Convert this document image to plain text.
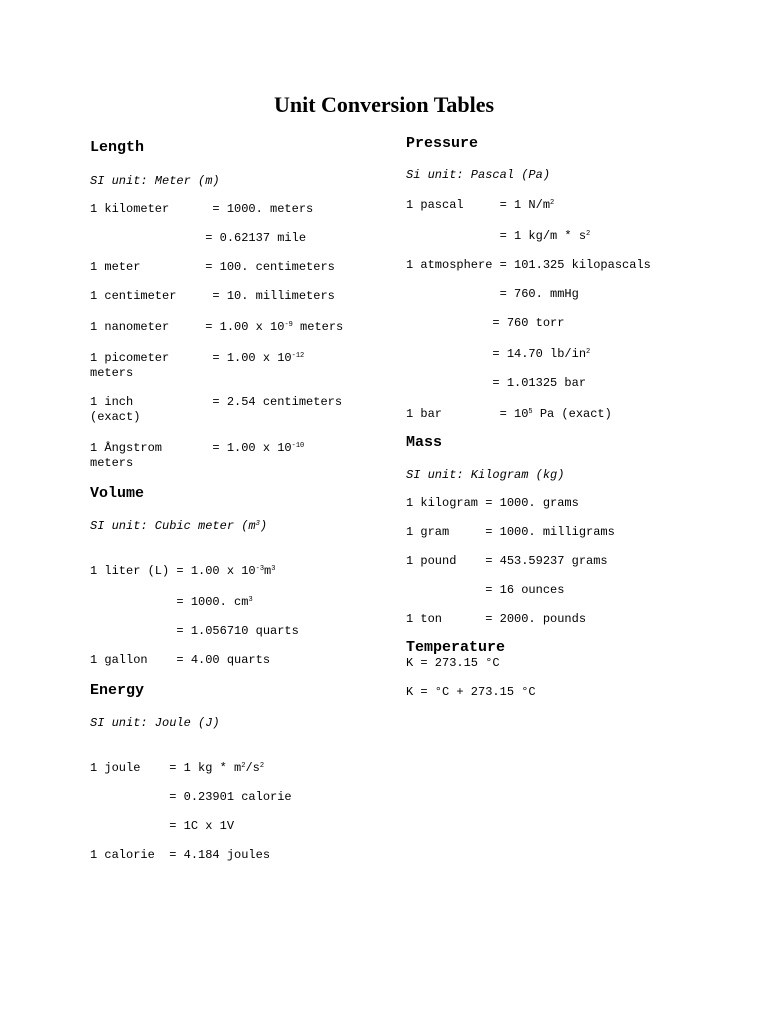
Unit Conversion Tables
Length
SI unit: Meter (m)
1 kilometer      = 1000. meters
= 0.62137 mile
1 meter         = 100. centimeters
1 centimeter     = 10. millimeters
1 nanometer     = 1.00 x $10^{-9}$ meters
1 picometer      = 1.00 x $10^{-12}$
meters
1 inch           = 2.54 centimeters
(exact)
1 Ångstrom       = 1.00 x $10^{-10}$
meters
Volume
SI unit: Cubic meter $(m^3)$
1 liter (L) = 1.00 x $10^{-3}m^3$
= 1000. $cm^3$
= 1.056710 quarts
1 gallon    = 4.00 quarts
Energy
SI unit: Joule (J)
1 joule    = 1 kg * $m^2/s^2$
= 0.23901 calorie
= 1C x 1V
1 calorie  = 4.184 joules
Pressure
Si unit: Pascal (Pa)
1 pascal     = 1 $N/m^2$
= 1 $kg/m * s^2$
1 atmosphere = 101.325 kilopascals
= 760. mmHg
= 760 torr
= 14.70 $lb/in^2$
= 1.01325 bar
1 bar        = $10^5$ Pa (exact)
Mass
SI unit: Kilogram (kg)
1 kilogram = 1000. grams
1 gram     = 1000. milligrams
1 pound    = 453.59237 grams
= 16 ounces
1 ton      = 2000. pounds
Temperature
K = 273.15 °C
K = °C + 273.15 °C
